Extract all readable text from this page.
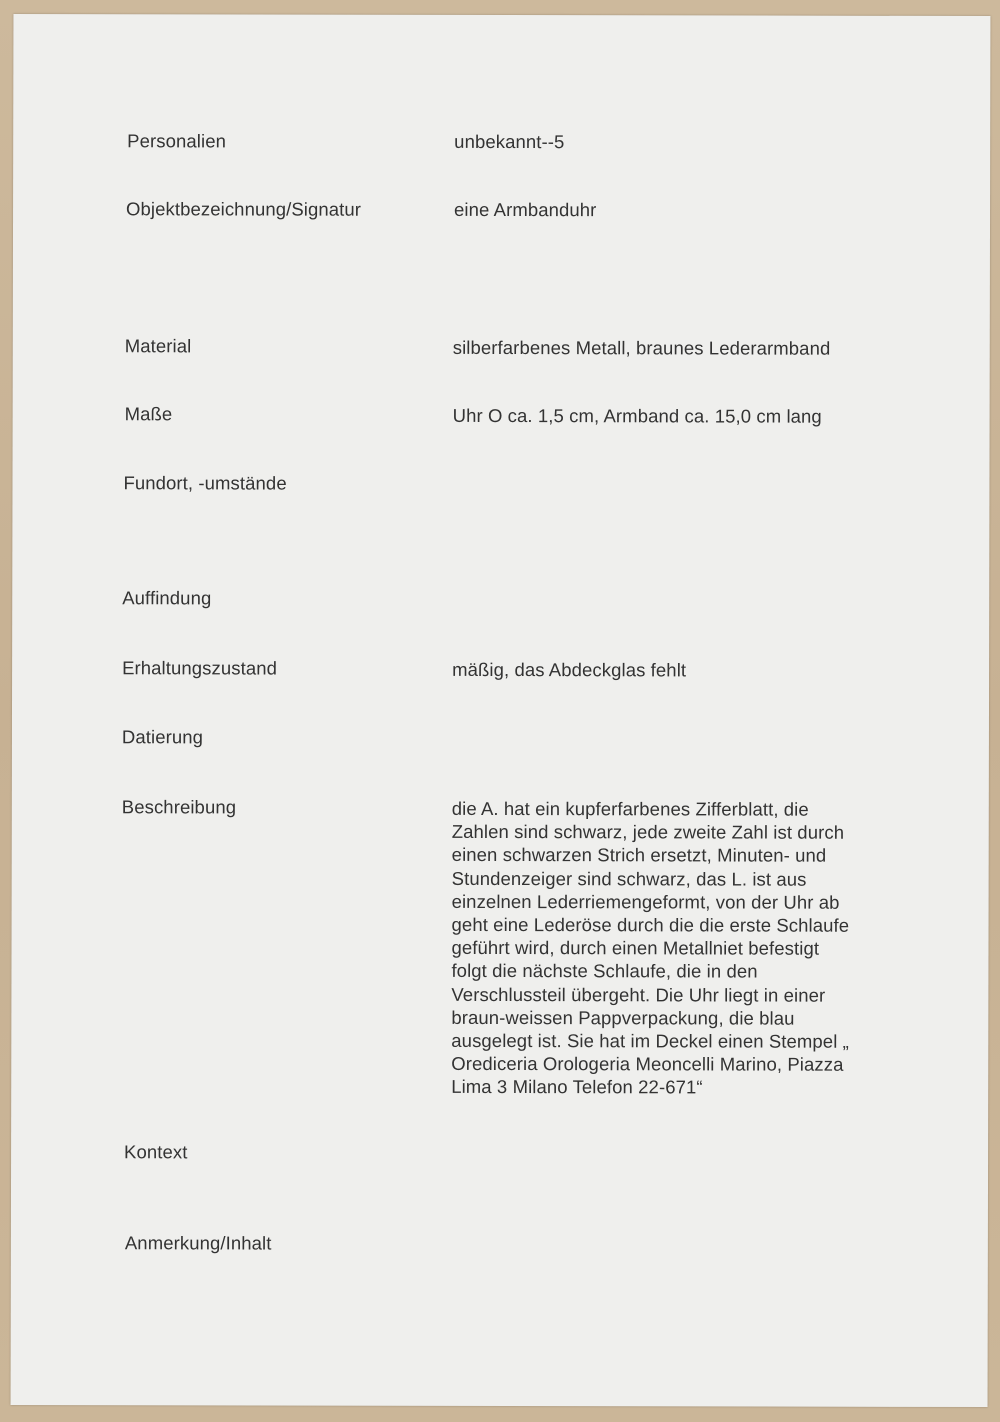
Personalien	unbekannt--5
Objektbezeichnung/Signatur	eine Armbanduhr
Material	silberfarbenes Metall, braunes Lederarmband
Maße	Uhr O ca. 1,5 cm, Armband ca. 15,0 cm lang
Fundort, -umstände
Auffindung
Erhaltungszustand	mäßig, das Abdeckglas fehlt
Datierung
Beschreibung	die A. hat ein kupferfarbenes Zifferblatt, die
Zahlen sind schwarz, jede zweite Zahl ist durch
einen schwarzen Strich ersetzt, Minuten- und
Stundenzeiger sind schwarz, das L. ist aus
einzelnen Lederriemengeformt, von der Uhr ab
geht eine Lederöse durch die die erste Schlaufe
geführt wird, durch einen Metallniet befestigt
folgt die nächste Schlaufe, die in den
Verschlussteil übergeht. Die Uhr liegt in einer
braun-weissen Pappverpackung, die blau
ausgelegt ist. Sie hat im Deckel einen Stempel „
Orediceria Orologeria Meoncelli Marino, Piazza
Lima 3 Milano Telefon 22-671“
Kontext
Anmerkung/Inhalt
